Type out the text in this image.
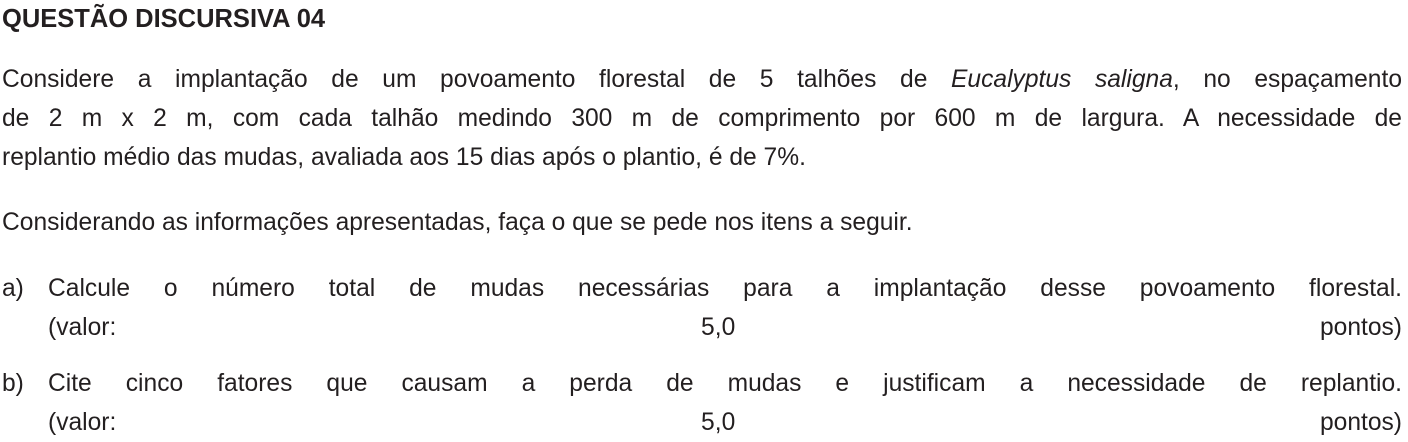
QUESTÃO DISCURSIVA 04

Considere a implantação de um povoamento florestal de 5 talhões de Eucalyptus saligna, no espaçamento
de 2 m x 2 m, com cada talhão medindo 300 m de comprimento por 600 m de largura. A necessidade de
replantio médio das mudas, avaliada aos 15 dias após o plantio, é de 7%.

Considerando as informações apresentadas, faça o que se pede nos itens a seguir.

a) Calcule o número total de mudas necessárias para a implantação desse povoamento florestal.
(valor: 5,0 pontos)
b) Cite cinco fatores que causam a perda de mudas e justificam a necessidade de replantio.
(valor: 5,0 pontos)
